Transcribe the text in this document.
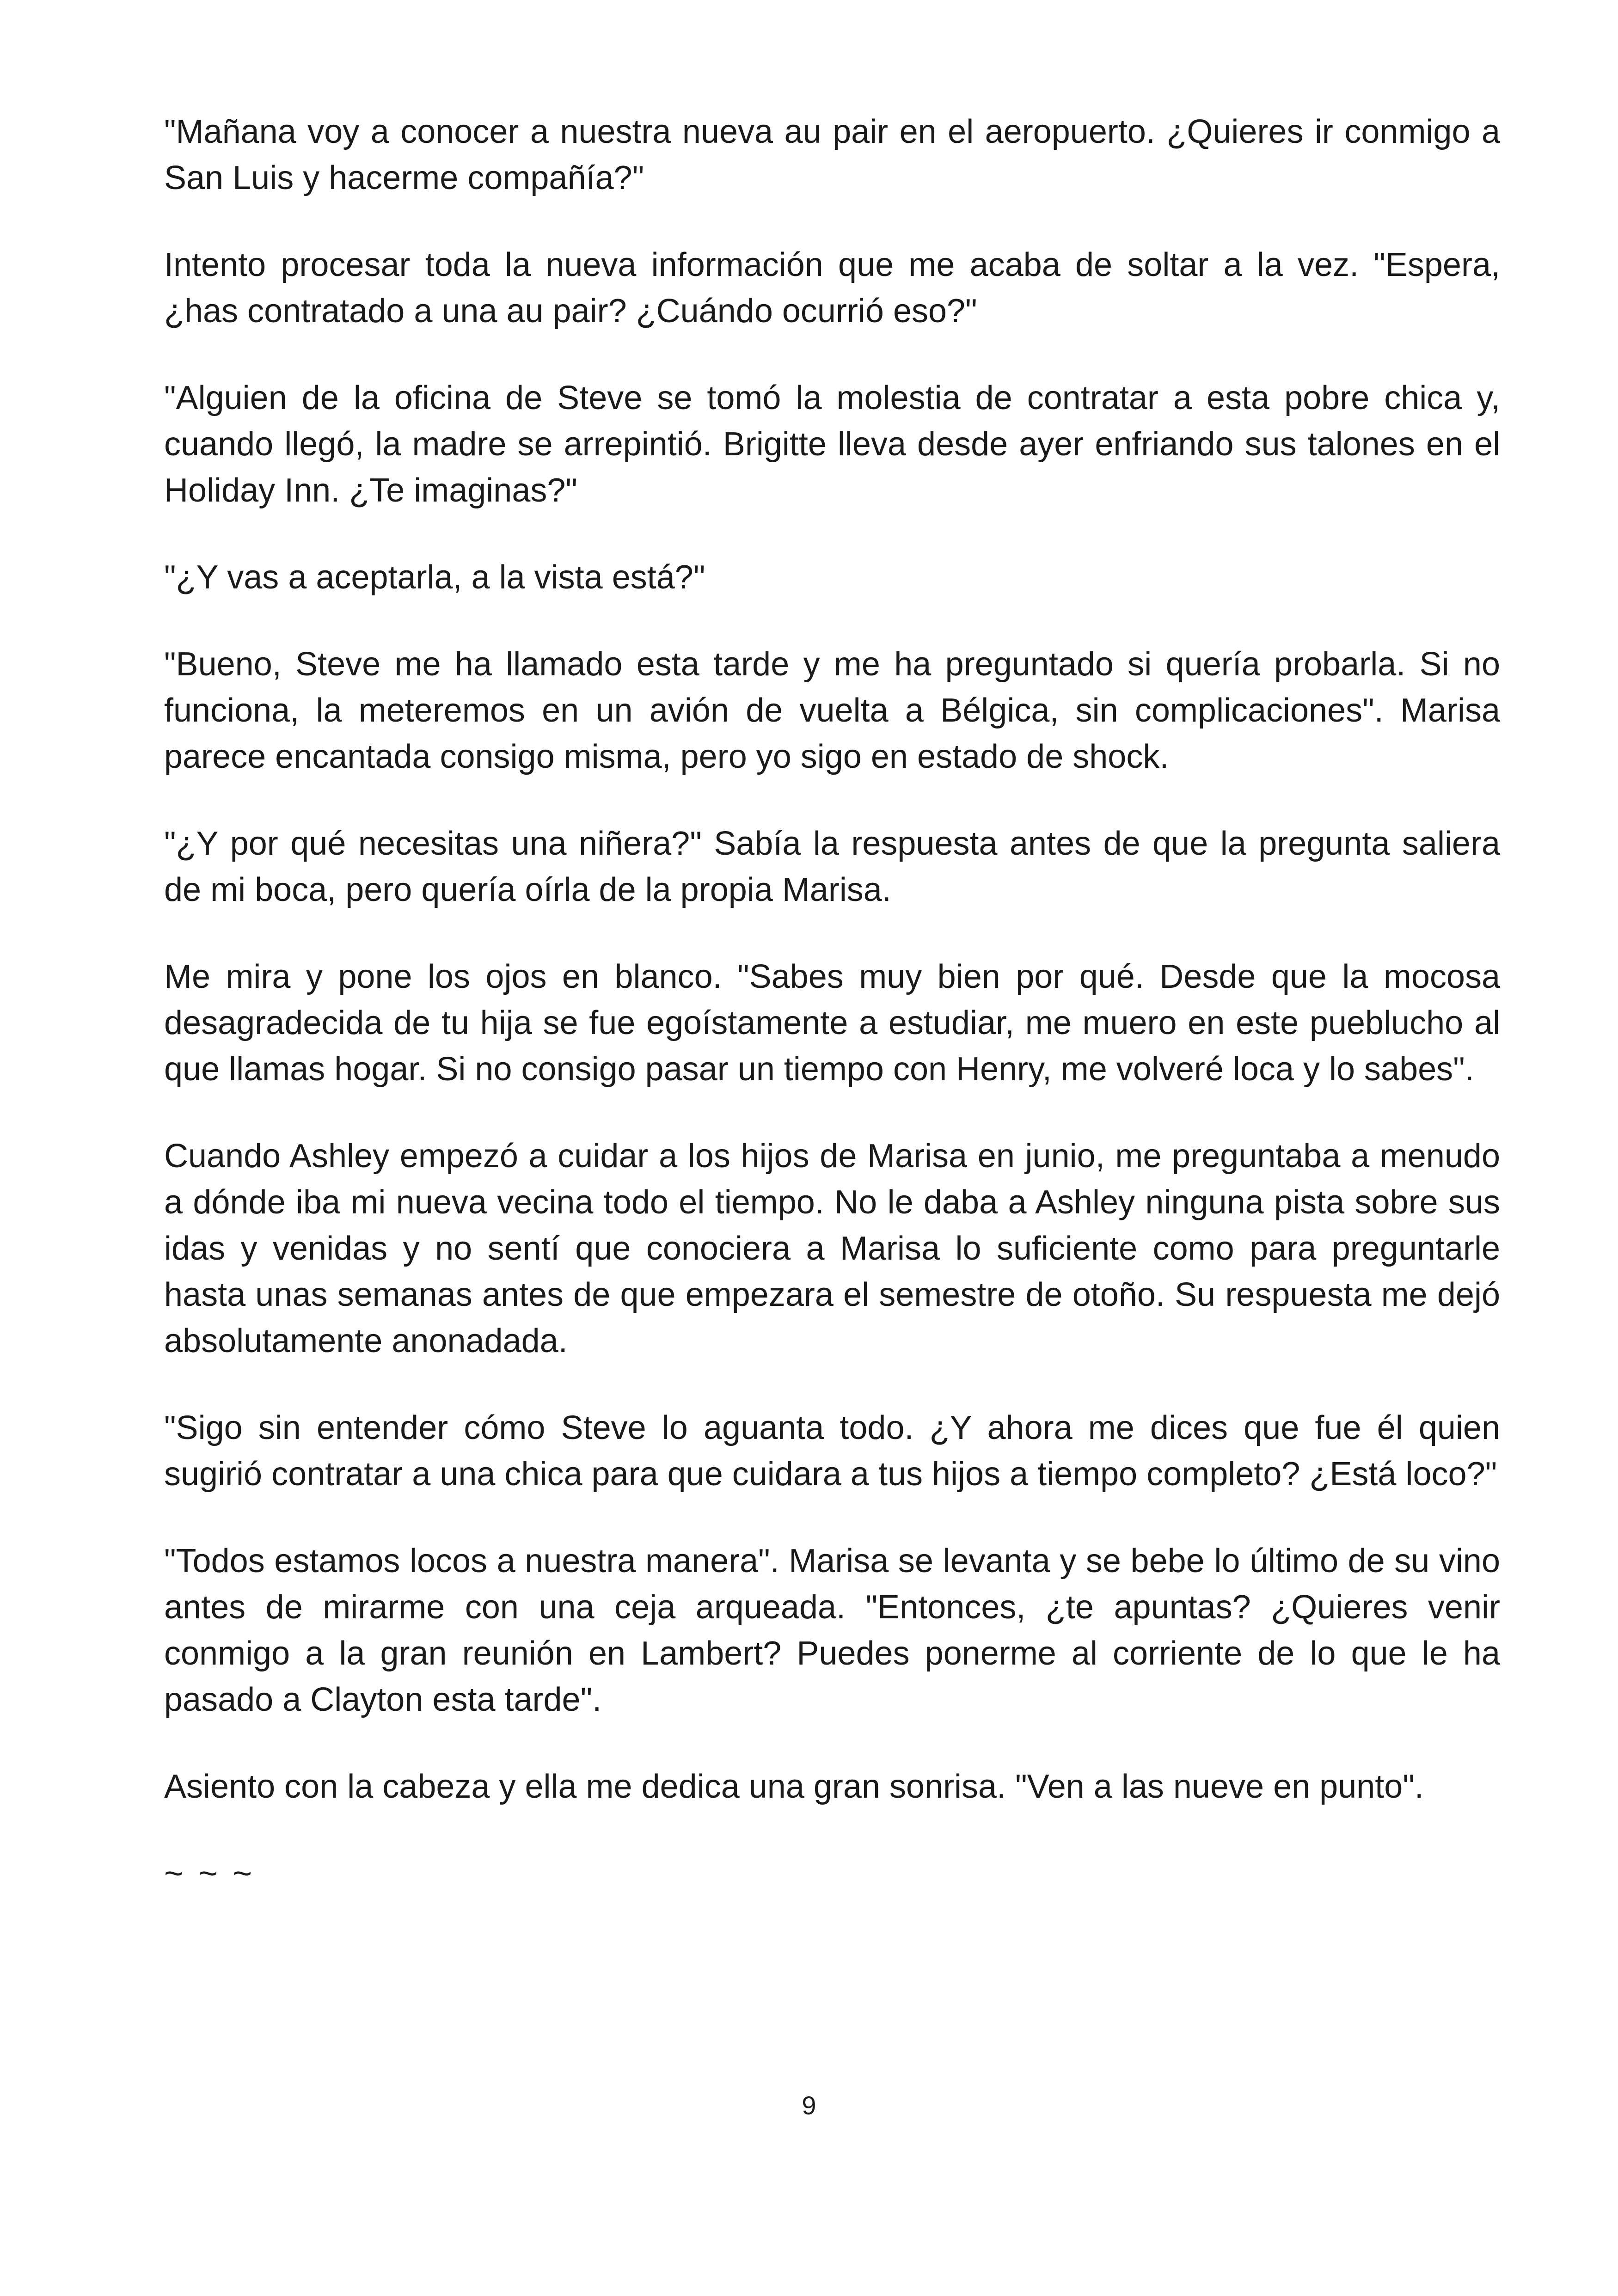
"Mañana voy a conocer a nuestra nueva au pair en el aeropuerto. ¿Quieres ir conmigo a San Luis y hacerme compañía?"

Intento procesar toda la nueva información que me acaba de soltar a la vez. "Espera, ¿has contratado a una au pair? ¿Cuándo ocurrió eso?"

"Alguien de la oficina de Steve se tomó la molestia de contratar a esta pobre chica y, cuando llegó, la madre se arrepintió. Brigitte lleva desde ayer enfriando sus talones en el Holiday Inn. ¿Te imaginas?"

"¿Y vas a aceptarla, a la vista está?"

"Bueno, Steve me ha llamado esta tarde y me ha preguntado si quería probarla. Si no funciona, la meteremos en un avión de vuelta a Bélgica, sin complicaciones". Marisa parece encantada consigo misma, pero yo sigo en estado de shock.

"¿Y por qué necesitas una niñera?" Sabía la respuesta antes de que la pregunta saliera de mi boca, pero quería oírla de la propia Marisa.

Me mira y pone los ojos en blanco. "Sabes muy bien por qué. Desde que la mocosa desagradecida de tu hija se fue egoístamente a estudiar, me muero en este pueblucho al que llamas hogar. Si no consigo pasar un tiempo con Henry, me volveré loca y lo sabes".

Cuando Ashley empezó a cuidar a los hijos de Marisa en junio, me preguntaba a menudo a dónde iba mi nueva vecina todo el tiempo. No le daba a Ashley ninguna pista sobre sus idas y venidas y no sentí que conociera a Marisa lo suficiente como para preguntarle hasta unas semanas antes de que empezara el semestre de otoño. Su respuesta me dejó absolutamente anonadada.

"Sigo sin entender cómo Steve lo aguanta todo. ¿Y ahora me dices que fue él quien sugirió contratar a una chica para que cuidara a tus hijos a tiempo completo? ¿Está loco?"

"Todos estamos locos a nuestra manera". Marisa se levanta y se bebe lo último de su vino antes de mirarme con una ceja arqueada. "Entonces, ¿te apuntas? ¿Quieres venir conmigo a la gran reunión en Lambert? Puedes ponerme al corriente de lo que le ha pasado a Clayton esta tarde".

Asiento con la cabeza y ella me dedica una gran sonrisa. "Ven a las nueve en punto".

~ ~ ~

9
